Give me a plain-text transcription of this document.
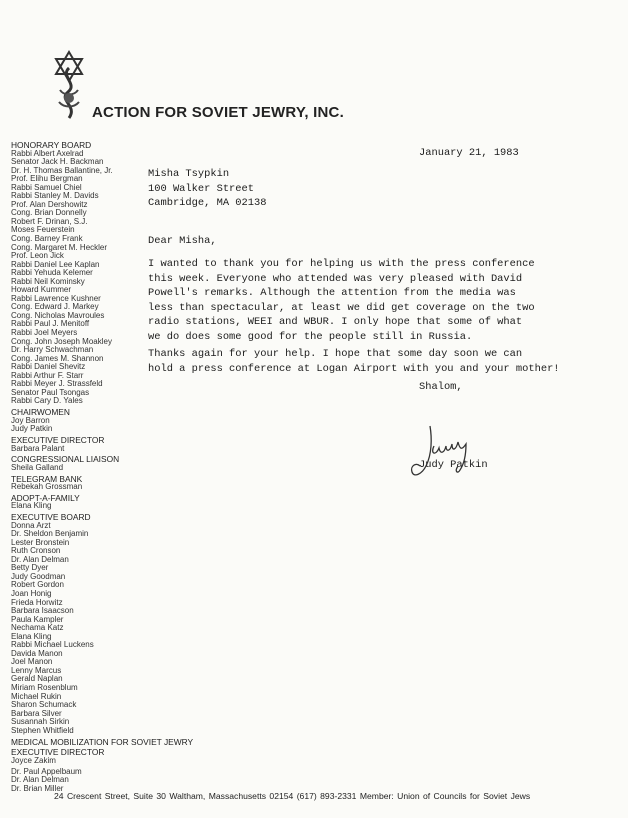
ACTION FOR SOVIET JEWRY, INC.
HONORARY BOARD
Rabbi Albert Axelrad
Senator Jack H. Backman
Dr. H. Thomas Ballantine, Jr.
Prof. Elihu Bergman
Rabbi Samuel Chiel
Rabbi Stanley M. Davids
Prof. Alan Dershowitz
Cong. Brian Donnelly
Robert F. Drinan, S.J.
Moses Feuerstein
Cong. Barney Frank
Cong. Margaret M. Heckler
Prof. Leon Jick
Rabbi Daniel Lee Kaplan
Rabbi Yehuda Kelemer
Rabbi Neil Kominsky
Howard Kummer
Rabbi Lawrence Kushner
Cong. Edward J. Markey
Cong. Nicholas Mavroules
Rabbi Paul J. Menitoff
Rabbi Joel Meyers
Cong. John Joseph Moakley
Dr. Harry Schwachman
Cong. James M. Shannon
Rabbi Daniel Shevitz
Rabbi Arthur F. Starr
Rabbi Meyer J. Strassfeld
Senator Paul Tsongas
Rabbi Cary D. Yales
CHAIRWOMEN
Joy Barron
Judy Patkin
EXECUTIVE DIRECTOR
Barbara Palant
CONGRESSIONAL LIAISON
Sheila Galland
TELEGRAM BANK
Rebekah Grossman
ADOPT-A-FAMILY
Elana Kling
EXECUTIVE BOARD
Donna Arzt
Dr. Sheldon Benjamin
Lester Bronstein
Ruth Cronson
Dr. Alan Delman
Betty Dyer
Judy Goodman
Robert Gordon
Joan Honig
Frieda Horwitz
Barbara Isaacson
Paula Kampler
Nechama Katz
Elana Kling
Rabbi Michael Luckens
Davida Manon
Joel Manon
Lenny Marcus
Gerald Naplan
Miriam Rosenblum
Michael Rukin
Sharon Schumack
Barbara Silver
Susannah Sirkin
Stephen Whitfield
MEDICAL MOBILIZATION FOR SOVIET JEWRY
EXECUTIVE DIRECTOR
Joyce Zakim
Dr. Paul Appelbaum
Dr. Alan Delman
Dr. Brian Miller
January 21, 1983
Misha Tsypkin
100 Walker Street
Cambridge, MA 02138
Dear Misha,
I wanted to thank you for helping us with the press conference
this week. Everyone who attended was very pleased with David
Powell's remarks. Although the attention from the media was
less than spectacular, at least we did get coverage on the two
radio stations, WEEI and WBUR. I only hope that some of what
we do does some good for the people still in Russia.
Thanks again for your help. I hope that some day soon we can
hold a press conference at Logan Airport with you and your mother!
Shalom,
Judy Patkin
24 Crescent Street, Suite 30 Waltham, Massachusetts 02154 (617) 893-2331 Member: Union of Councils for Soviet Jews
